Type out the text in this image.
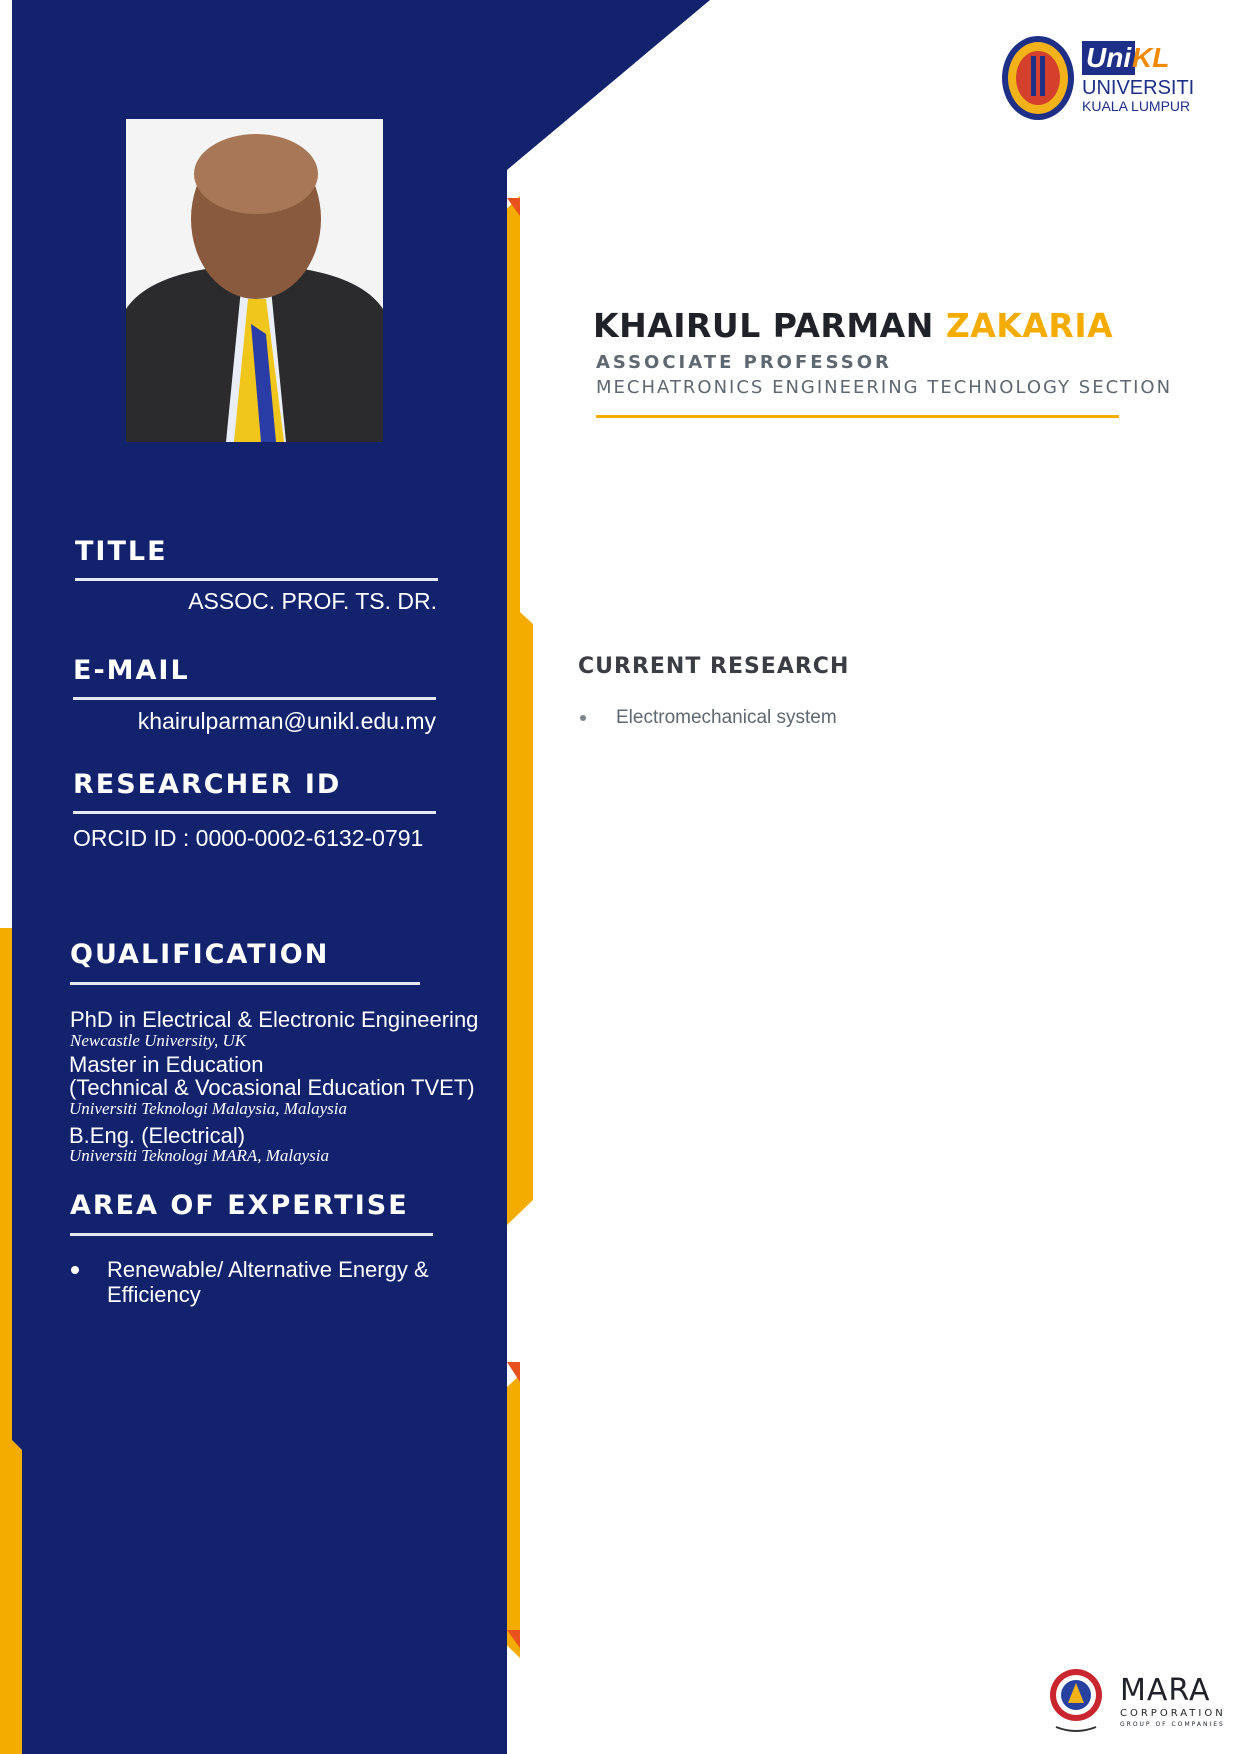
Uni KL
UNIVERSITI
KUALA LUMPUR
KHAIRUL PARMAN ZAKARIA
ASSOCIATE PROFESSOR
MECHATRONICS ENGINEERING TECHNOLOGY SECTION
TITLE
ASSOC. PROF. TS. DR.
E-MAIL
khairulparman@unikl.edu.my
RESEARCHER ID
ORCID ID : 0000-0002-6132-0791
QUALIFICATION
PhD in Electrical & Electronic Engineering
Newcastle University, UK
Master in Education
(Technical & Vocasional Education TVET)
Universiti Teknologi Malaysia, Malaysia
B.Eng. (Electrical)
Universiti Teknologi MARA, Malaysia
AREA OF EXPERTISE
Renewable/ Alternative Energy & Efficiency
CURRENT RESEARCH
Electromechanical system
MARA
CORPORATION
GROUP OF COMPANIES
